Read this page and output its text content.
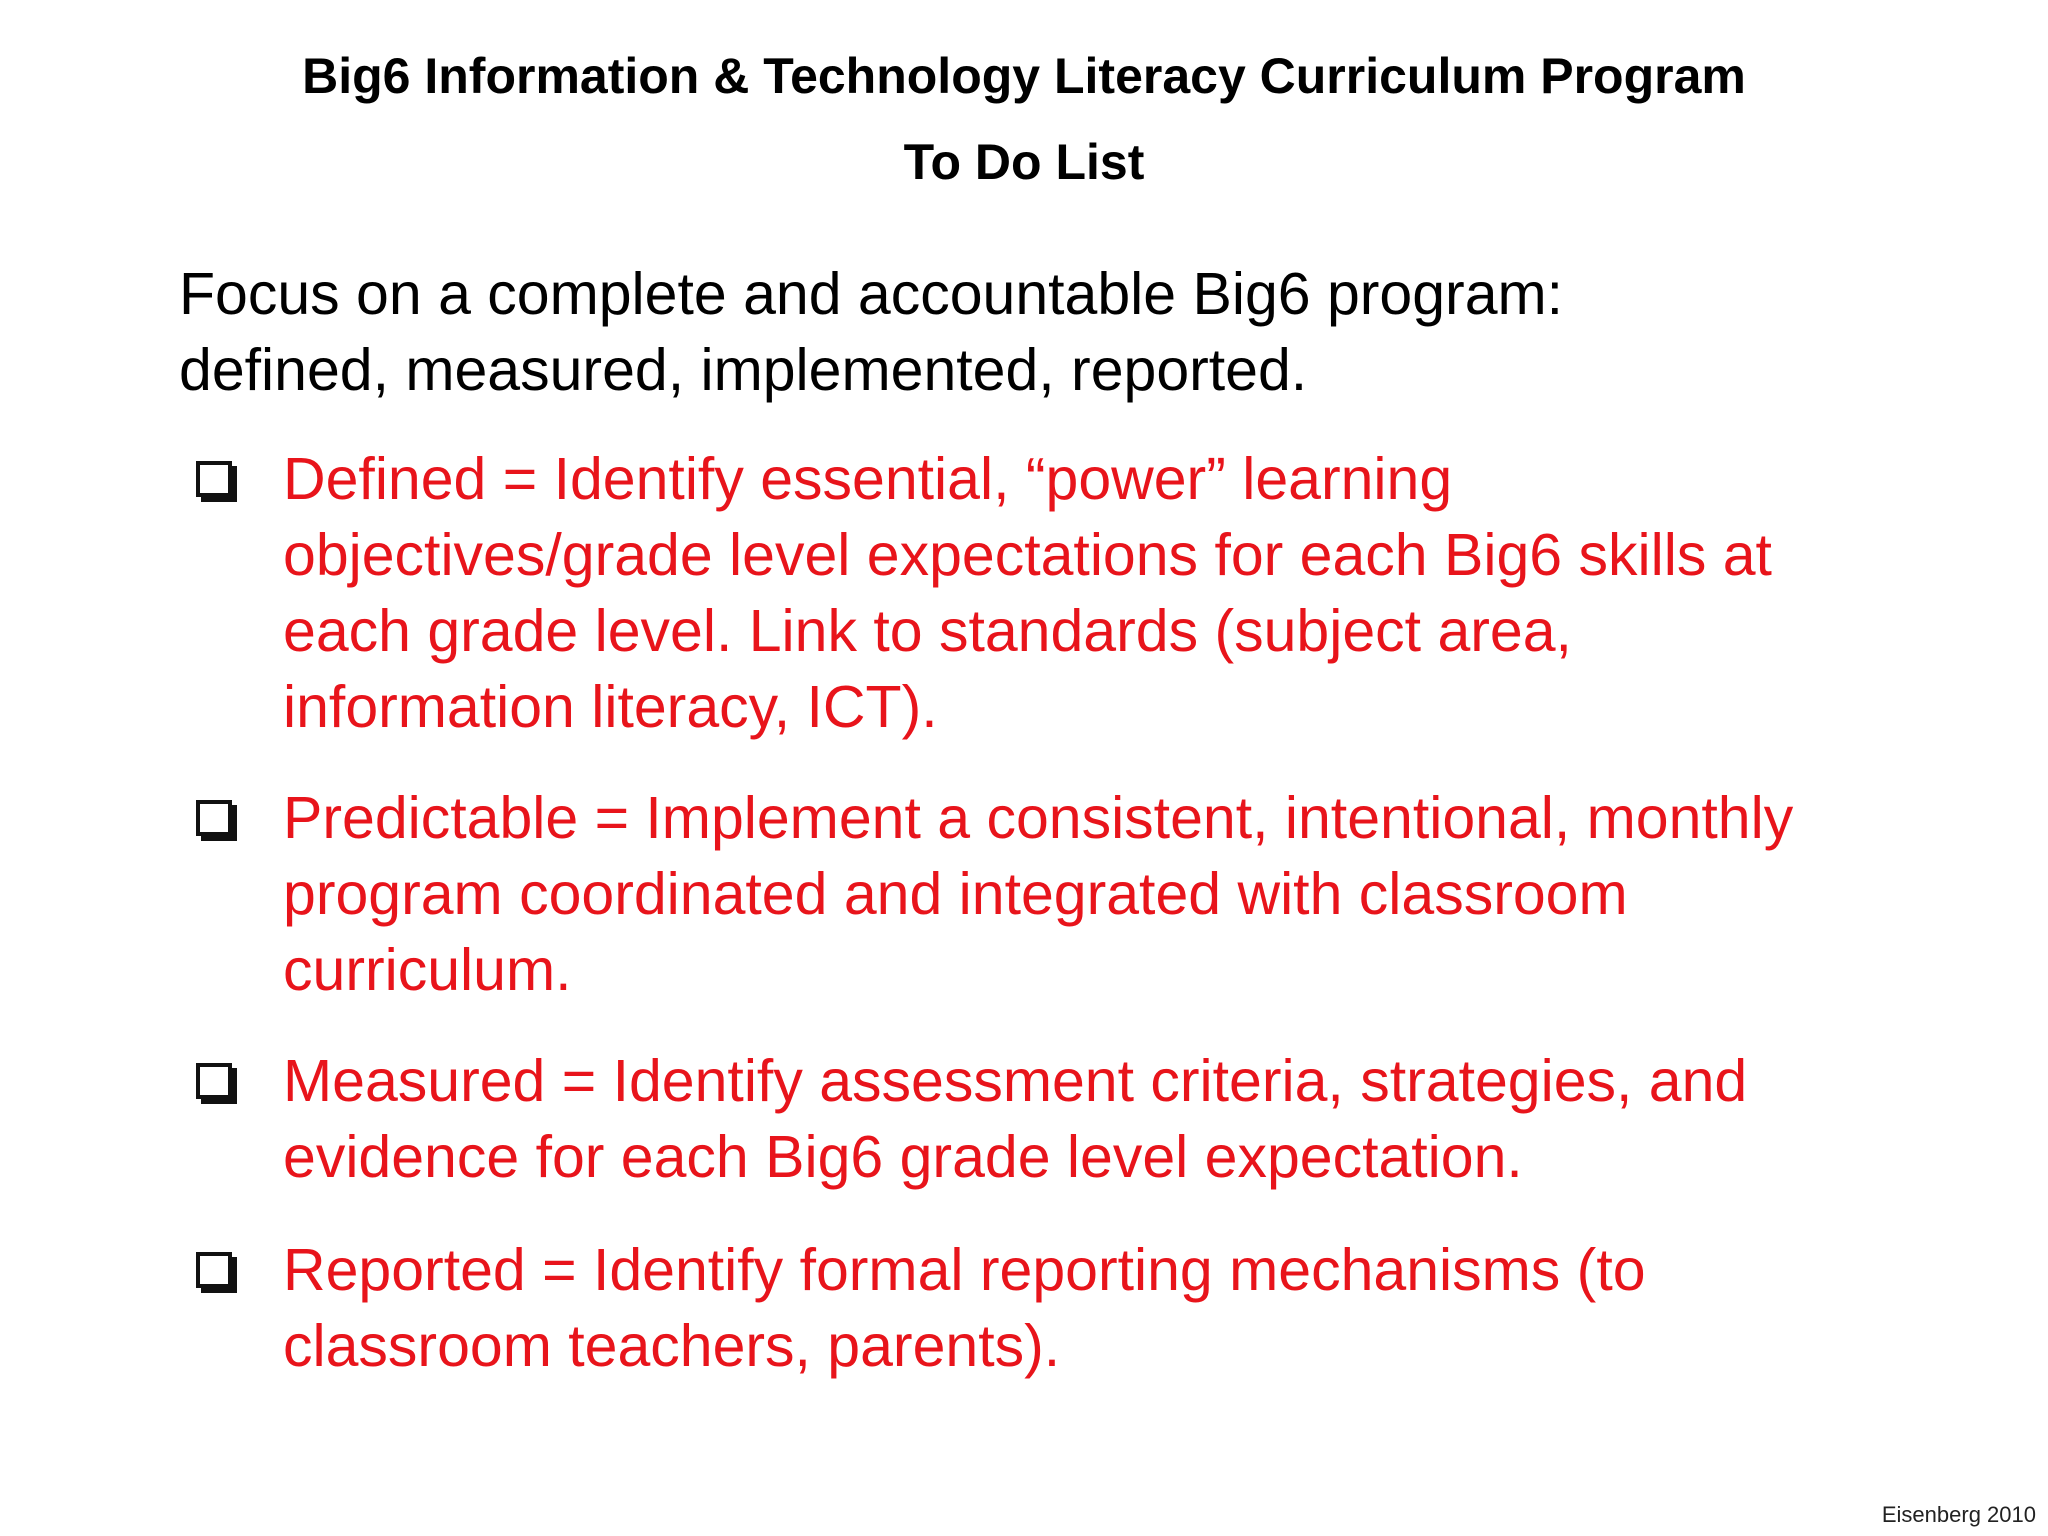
Big6 Information & Technology Literacy Curriculum Program
To Do List

Focus on a complete and accountable Big6 program:
defined, measured, implemented, reported.

Defined = Identify essential, “power” learning
objectives/grade level expectations for each Big6 skills at
each grade level. Link to standards (subject area,
information literacy, ICT).
Predictable = Implement a consistent, intentional, monthly
program coordinated and integrated with classroom
curriculum.
Measured = Identify assessment criteria, strategies, and
evidence for each Big6 grade level expectation.
Reported = Identify formal reporting mechanisms (to
classroom teachers, parents).
Eisenberg 2010
